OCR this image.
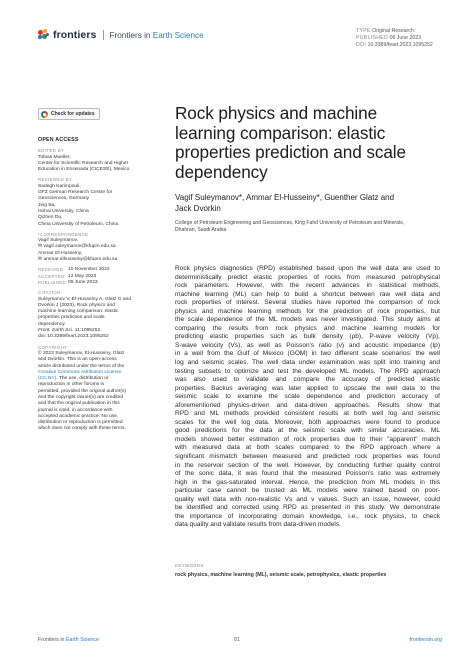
frontiers Frontiers in Earth Science	TYPE Original Research
PUBLISHED 06 June 2023
DOI 10.3389/feart.2023.1095252
Check for updates
OPEN ACCESS
EDITED BY
Tobias Mueller,
Center for Scientific Research and Higher
Education in Ensenada (CICESE), Mexico
REVIEWED BY
Sadegh Karimpouli,
GFZ German Research Centre for
Geosciences, Germany
Jing Ba,
Hohai University, China
Qizhen Du,
China University of Petroleum, China
*CORRESPONDENCE
Vagif Suleymanov,
✉ vagif.suleymanov@kfupm.edu.sa
Ammar El-Husseiny,
✉ ammar.elhusseiny@kfupm.edu.sa
RECEIVED 10 November 2022
ACCEPTED 12 May 2023
PUBLISHED 06 June 2023
CITATION
Suleymanov V, El-Husseiny A, Glatz G and
Dvorkin J (2023), Rock physics and
machine learning comparison: elastic
properties prediction and scale
dependency.
Front. Earth Sci. 11:1095252.
doi: 10.3389/feart.2023.1095252
COPYRIGHT
© 2023 Suleymanov, El-Husseiny, Glatz
and Dvorkin. This is an open-access
article distributed under the terms of the
Creative Commons Attribution License
(CC BY). The use, distribution or
reproduction in other forums is
permitted, provided the original author(s)
and the copyright owner(s) are credited
and that the original publication in this
journal is cited, in accordance with
accepted academic practice. No use,
distribution or reproduction is permitted
which does not comply with these terms.
Rock physics and machine
learning comparison: elastic
properties prediction and scale
dependency
Vagif Suleymanov*, Ammar El-Husseiny*, Guenther Glatz and
Jack Dvorkin
College of Petroleum Engineering and Geosciences, King Fahd University of Petroleum and Minerals,
Dhahran, Saudi Arabia
Rock physics diagnostics (RPD) established based upon the well data are used to
deterministically predict elastic properties of rocks from measured petrophysical
rock parameters. However, with the recent advances in statistical methods,
machine learning (ML) can help to build a shortcut between raw well data and
rock properties of interest. Several studies have reported the comparison of rock
physics and machine learning methods for the prediction of rock properties, but
the scale dependence of the ML models was never investigated. This study aims at
comparing the results from rock physics and machine learning models for
predicting elastic properties such as bulk density (ρb), P-wave velocity (Vp),
S-wave velocity (Vs), as well as Poisson's ratio (ν) and acoustic impedance (Ip)
in a well from the Gulf of Mexico (GOM) in two different scale scenarios: the well
log and seismic scales. The well data under examination was split into training and
testing subsets to optimize and test the developed ML models. The RPD approach
was also used to validate and compare the accuracy of predicted elastic
properties. Backus averaging was later applied to upscale the well data to the
seismic scale to examine the scale dependence and prediction accuracy of
aforementioned physics-driven and data-driven approaches. Results show that
RPD and ML methods provided consistent results at both well log and seismic
scales for the well log data. Moreover, both approaches were found to produce
good predictions for the data at the seismic scale with similar accuracies. ML
models showed better estimation of rock properties due to their "apparent" match
with measured data at both scales compared to the RPD approach where a
significant mismatch between measured and predicted rock properties was found
in the reservoir section of the well. However, by conducting further quality control
of the sonic data, it was found that the measured Poisson's ratio was extremely
high in the gas-saturated interval. Hence, the prediction from ML models in this
particular case cannot be trusted as ML models were trained based on poor-
quality well data with non-realistic Vs and ν values. Such an issue, however, could
be identified and corrected using RPD as presented in this study. We demonstrate
the importance of incorporating domain knowledge, i.e., rock physics, to check
data quality and validate results from data-driven models.
KEYWORDS
rock physics, machine learning (ML), seismic scale, petrophysics, elastic properties
Frontiers in Earth Science	01	frontiersin.org
